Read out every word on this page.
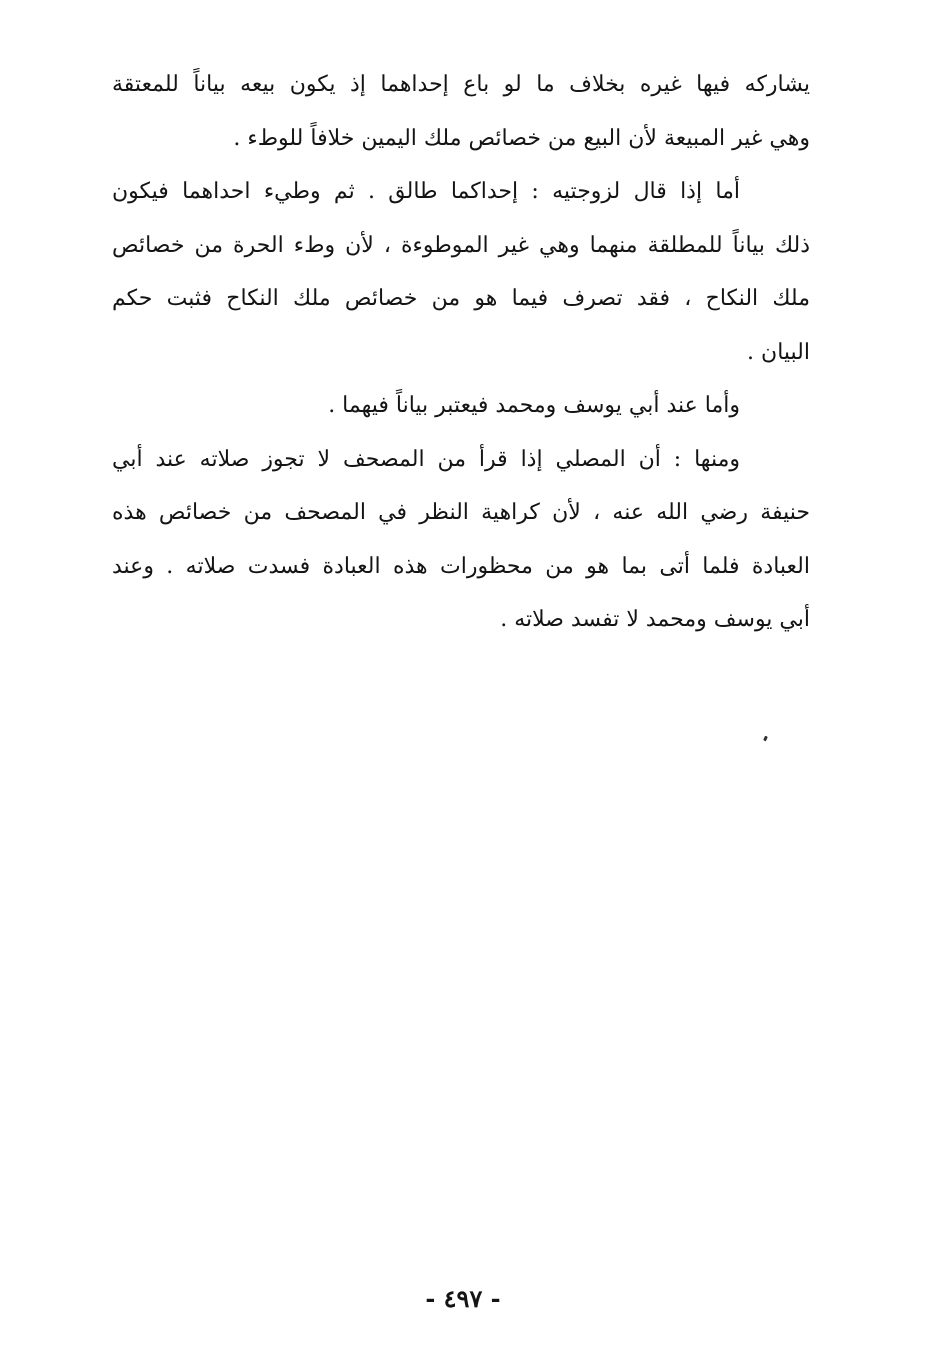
يشاركه فيها غيره بخلاف ما لو باع إحداهما إذ يكون بيعه بياناً للمعتقة
وهي غير المبيعة لأن البيع من خصائص ملك اليمين خلافاً للوطء .
أما إذا قال لزوجتيه : إحداكما طالق . ثم وطيء احداهما فيكون
ذلك بياناً للمطلقة منهما وهي غير الموطوءة ، لأن وطء الحرة من خصائص
ملك النكاح ، فقد تصرف فيما هو من خصائص ملك النكاح فثبت حكم
البيان .
وأما عند أبي يوسف ومحمد فيعتبر بياناً فيهما .
ومنها : أن المصلي إذا قرأ من المصحف لا تجوز صلاته عند أبي
حنيفة رضي الله عنه ، لأن كراهية النظر في المصحف من خصائص هذه
العبادة فلما أتى بما هو من محظورات هذه العبادة فسدت صلاته . وعند
أبي يوسف ومحمد لا تفسد صلاته .
- ٤٩٧ -
